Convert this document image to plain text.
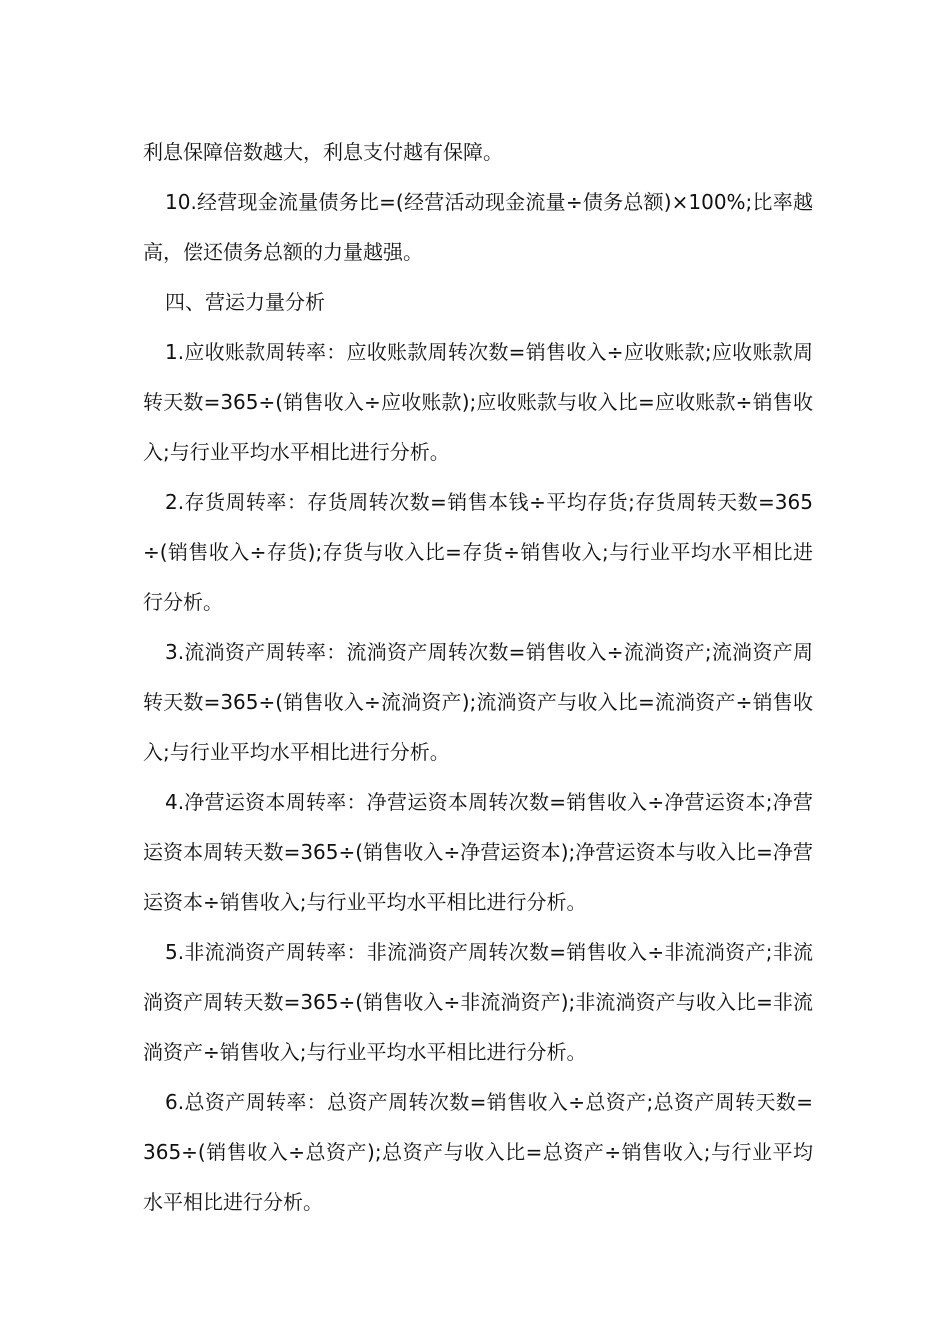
利息保障倍数越大，利息支付越有保障。

10.经营现金流量债务比=(经营活动现金流量÷债务总额)×100%;比率越高，偿还债务总额的力量越强。

四、营运力量分析

1.应收账款周转率：应收账款周转次数=销售收入÷应收账款;应收账款周转天数=365÷(销售收入÷应收账款);应收账款与收入比=应收账款÷销售收入;与行业平均水平相比进行分析。

2.存货周转率：存货周转次数=销售本钱÷平均存货;存货周转天数=365÷(销售收入÷存货);存货与收入比=存货÷销售收入;与行业平均水平相比进行分析。

3.流淌资产周转率：流淌资产周转次数=销售收入÷流淌资产;流淌资产周转天数=365÷(销售收入÷流淌资产);流淌资产与收入比=流淌资产÷销售收入;与行业平均水平相比进行分析。

4.净营运资本周转率：净营运资本周转次数=销售收入÷净营运资本;净营运资本周转天数=365÷(销售收入÷净营运资本);净营运资本与收入比=净营运资本÷销售收入;与行业平均水平相比进行分析。

5.非流淌资产周转率：非流淌资产周转次数=销售收入÷非流淌资产;非流淌资产周转天数=365÷(销售收入÷非流淌资产);非流淌资产与收入比=非流淌资产÷销售收入;与行业平均水平相比进行分析。

6.总资产周转率：总资产周转次数=销售收入÷总资产;总资产周转天数=365÷(销售收入÷总资产);总资产与收入比=总资产÷销售收入;与行业平均水平相比进行分析。
